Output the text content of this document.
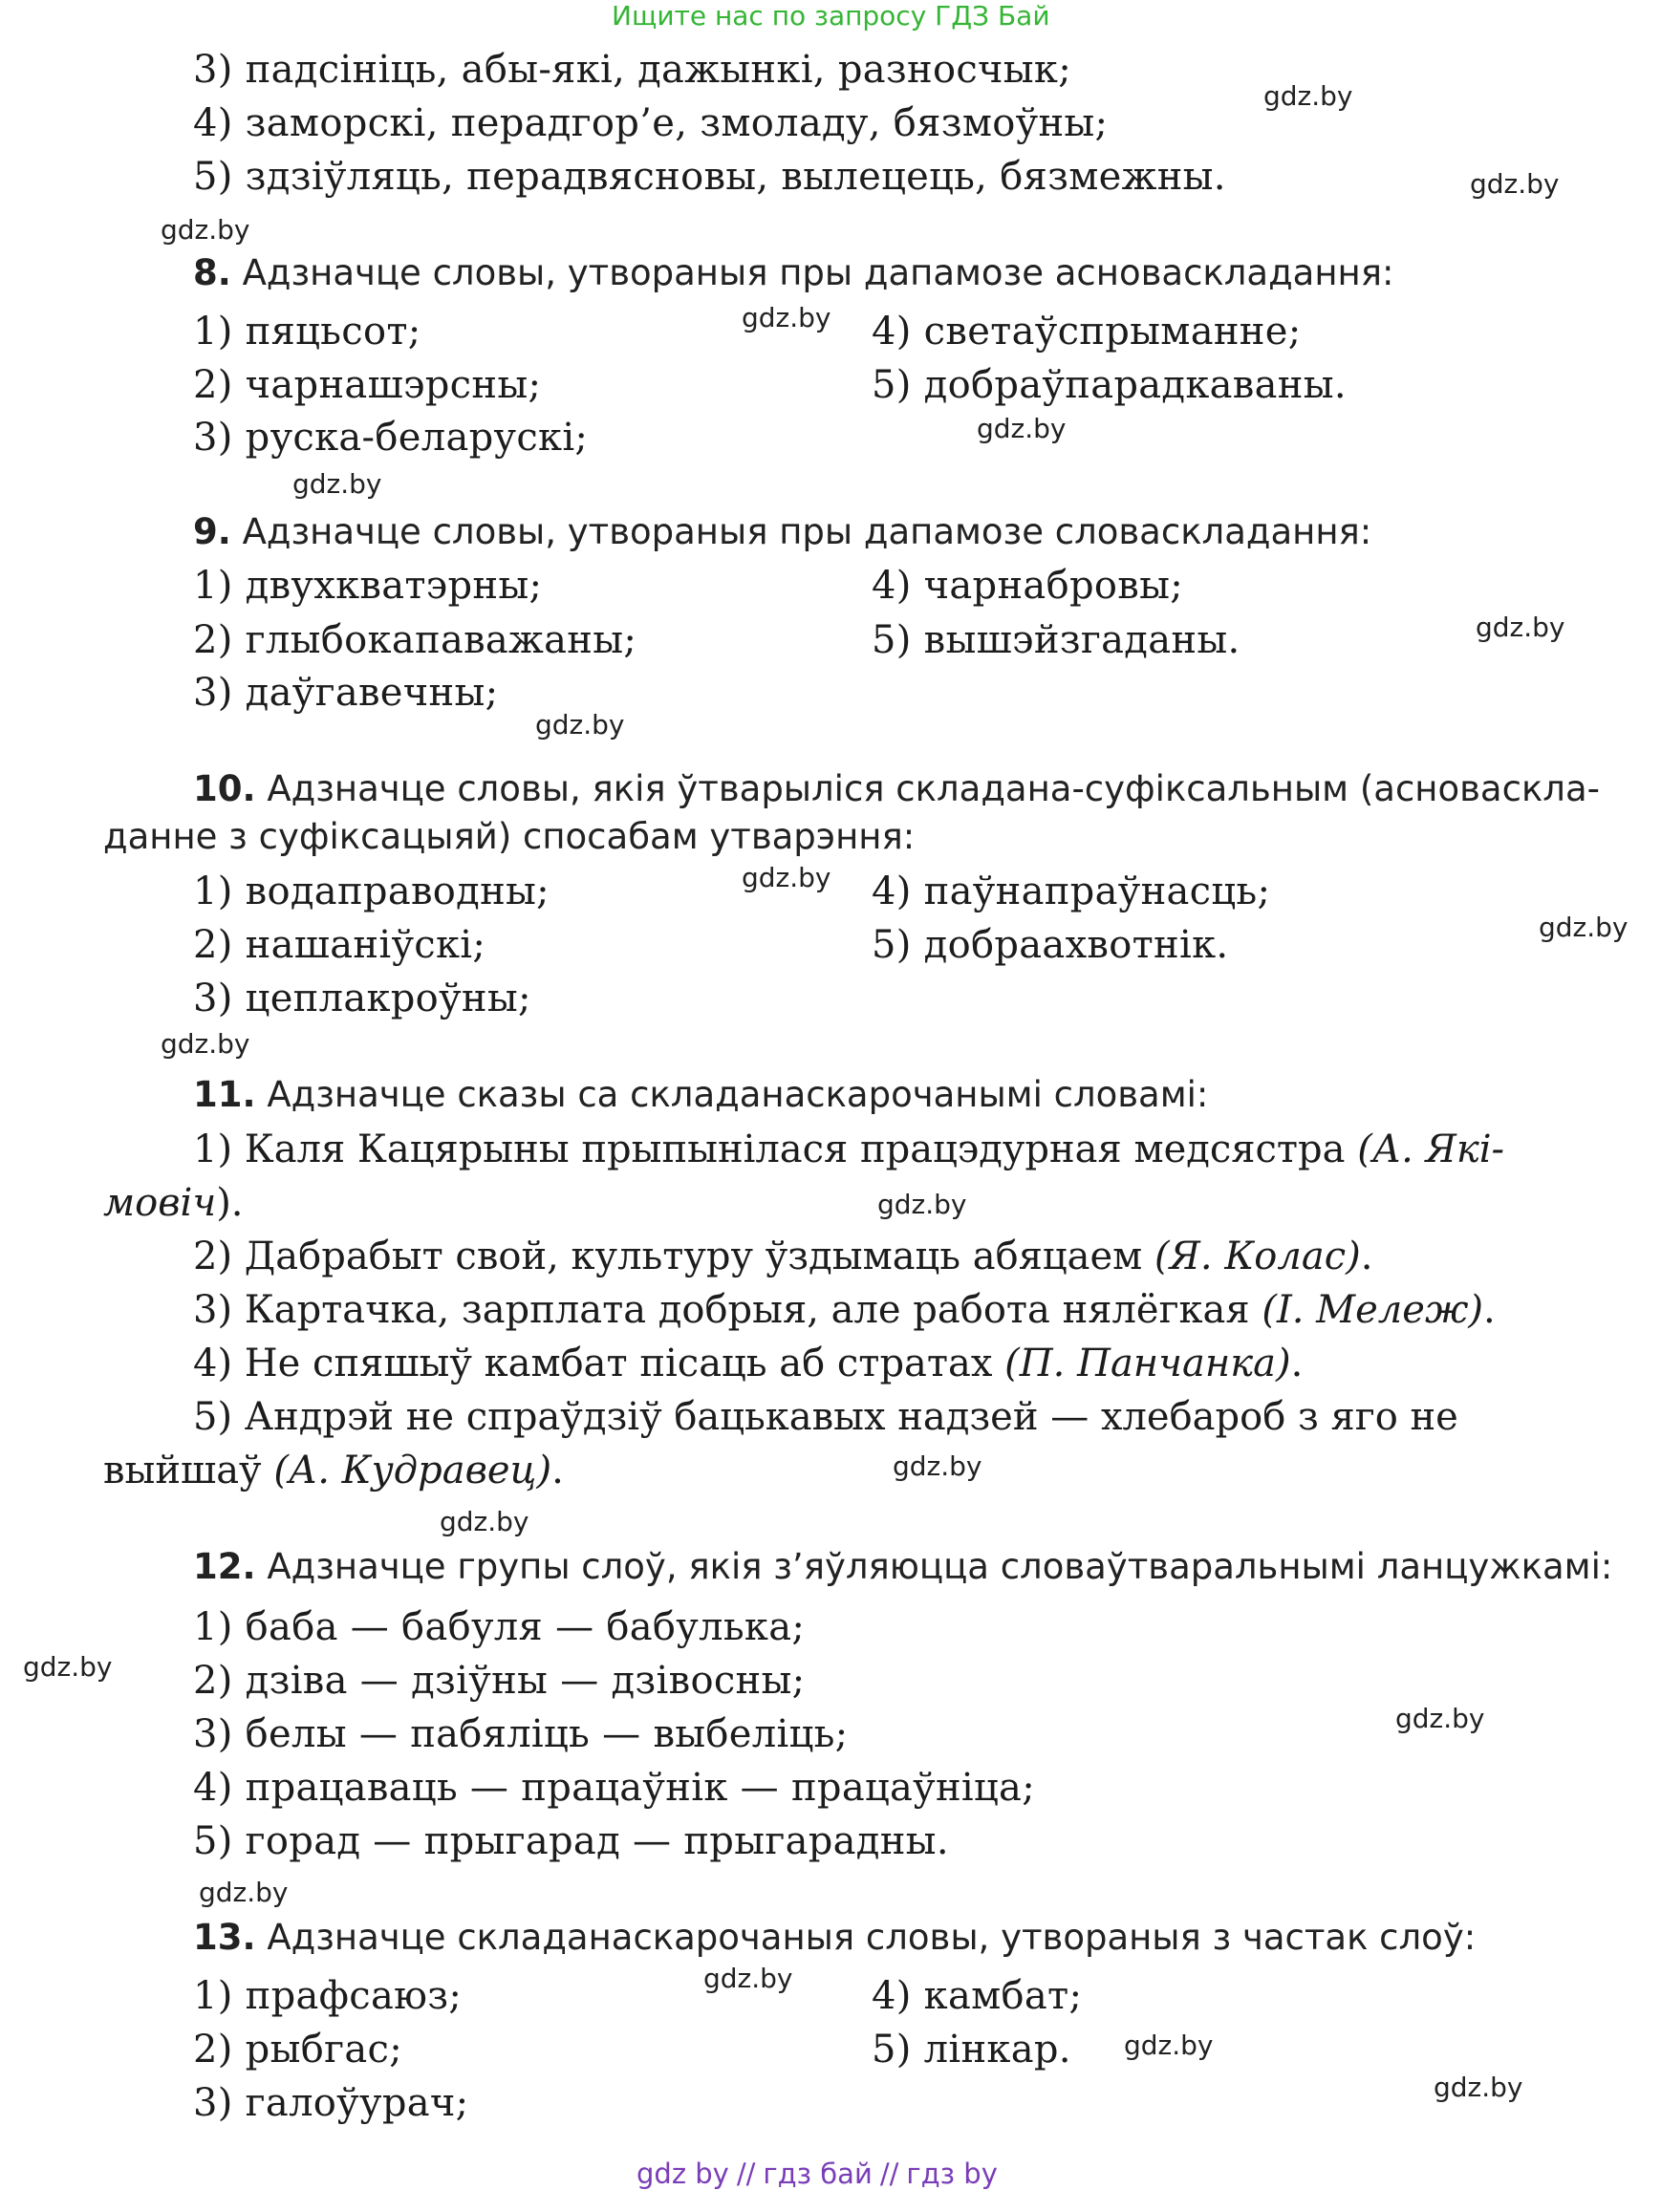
Ищите нас по запросу ГДЗ Бай
3) падсініць, абы-які, дажынкі, разносчык;
4) заморскі, перадгор’е, змоладу, бязмоўны;
5) здзіўляць, перадвясновы, вылецець, бязмежны.
8. Адзначце словы, утвораныя пры дапамозе асноваскладання:
1) пяцьсот;
2) чарнашэрсны;
3) руска-беларускі;
4) светаўспрыманне;
5) добраўпарадкаваны.
9. Адзначце словы, утвораныя пры дапамозе словаскладання:
1) двухкватэрны;
2) глыбокапаважаны;
3) даўгавечны;
4) чарнабровы;
5) вышэйзгаданы.
10. Адзначце словы, якія ўтварыліся складана-суфіксальным (асноваскла-
данне з суфіксацыяй) спосабам утварэння:
1) водаправодны;
2) нашаніўскі;
3) цеплакроўны;
4) паўнапраўнасць;
5) добраахвотнік.
11. Адзначце сказы са складанаскарочанымі словамі:
1) Каля Кацярыны прыпынілася працэдурная медсястра (А. Які-
мовіч).
2) Дабрабыт свой, культуру ўздымаць абяцаем (Я. Колас).
3) Картачка, зарплата добрыя, але работа нялёгкая (І. Мележ).
4) Не спяшыў камбат пісаць аб стратах (П. Панчанка).
5) Андрэй не спраўдзіў бацькавых надзей — хлебароб з яго не
выйшаў (А. Кудравец).
12. Адзначце групы слоў, якія з’яўляюцца словаўтваральнымі ланцужкамі:
1) баба — бабуля — бабулька;
2) дзіва — дзіўны — дзівосны;
3) белы — пабяліць — выбеліць;
4) працаваць — працаўнік — працаўніца;
5) горад — прыгарад — прыгарадны.
13. Адзначце складанаскарочаныя словы, утвораныя з частак слоў:
1) прафсаюз;
2) рыбгас;
3) галоўурач;
4) камбат;
5) лінкар.
gdz.by
gdz.by
gdz.by
gdz.by
gdz.by
gdz.by
gdz.by
gdz.by
gdz.by
gdz.by
gdz.by
gdz.by
gdz.by
gdz.by
gdz.by
gdz.by
gdz.by
gdz.by
gdz.by
gdz.by
gdz by // гдз бай // гдз by
